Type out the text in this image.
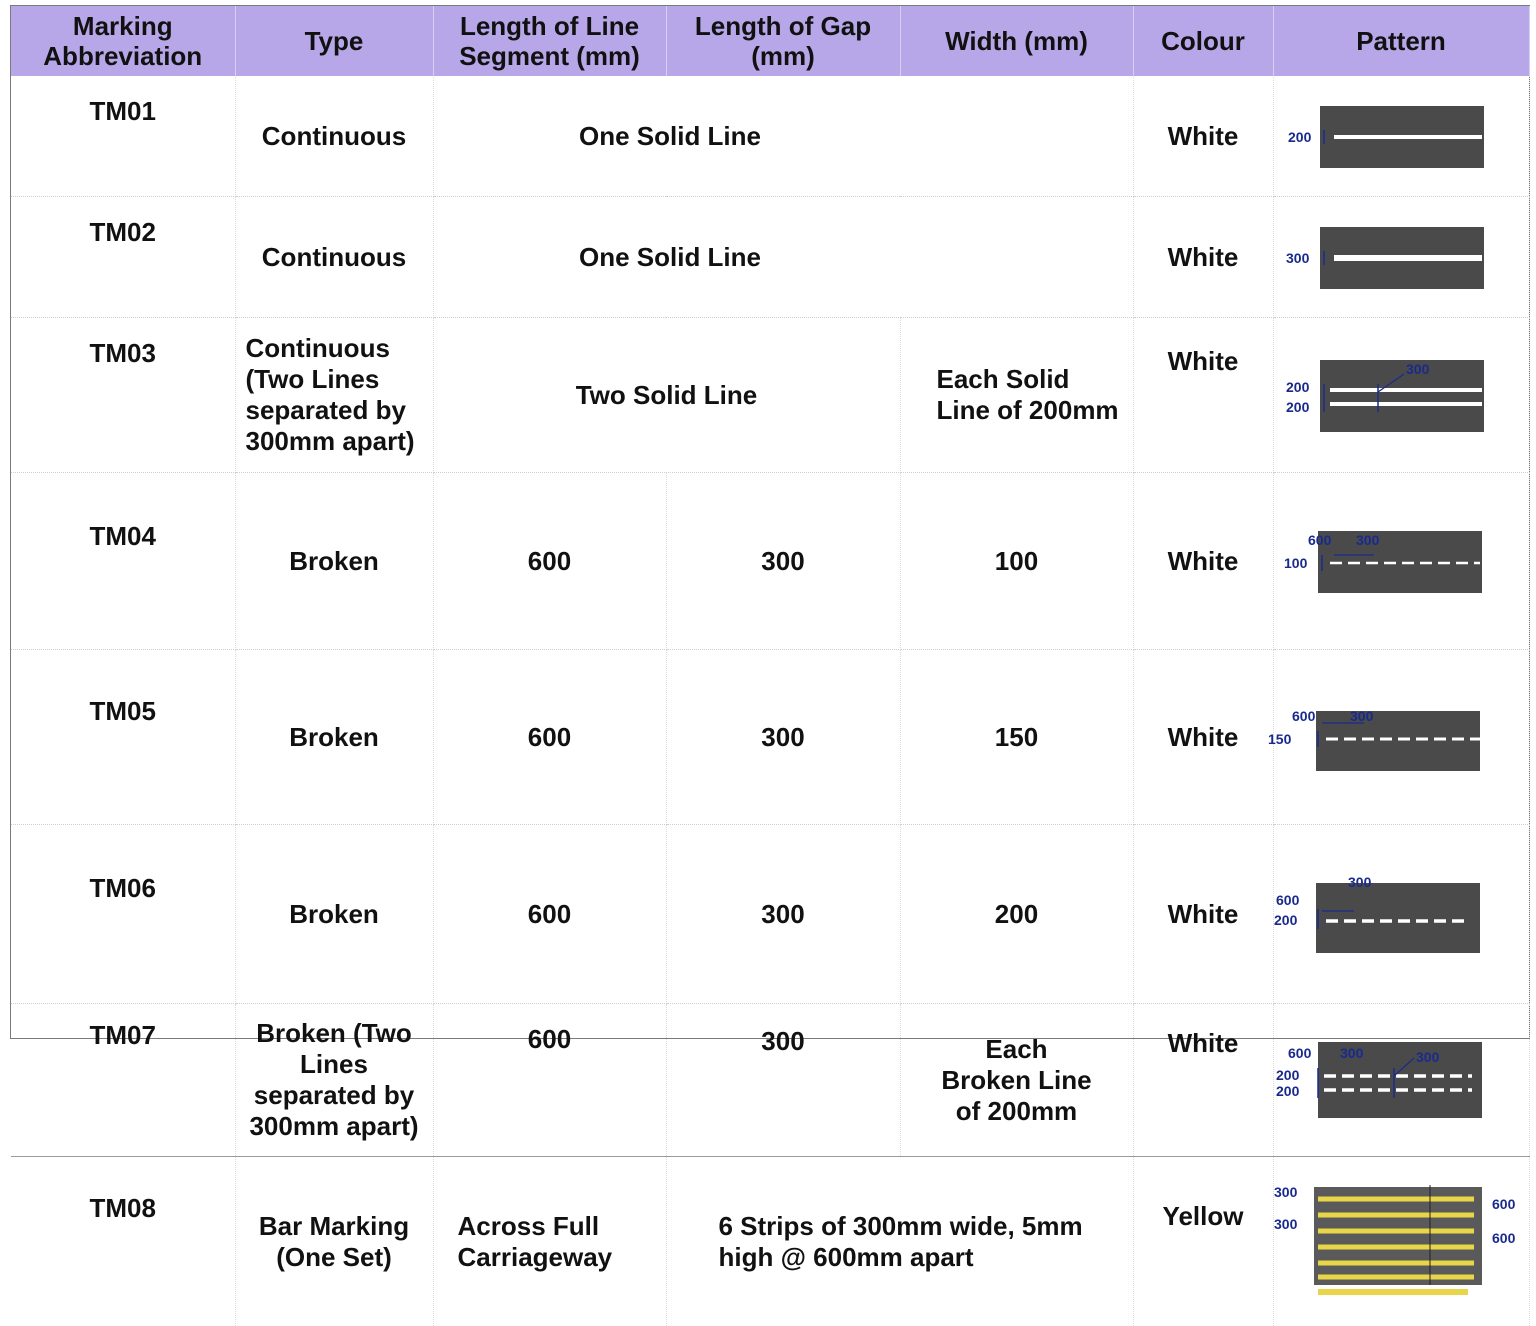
Marking Abbreviation	Type	Length of Line Segment (mm)	Length of Gap (mm)	Width (mm)	Colour	Pattern
TM01	Continuous	One Solid Line			White	200

TM02	Continuous	One Solid Line			White	300

TM03	Continuous (Two Lines separated by 300mm apart)	Two Solid Line		Each Solid Line of 200mm	White	200
200
300

TM04	Broken	600	300	100	White	600 300
100

TM05	Broken	600	300	150	White	600 300
150

TM06	Broken	600	300	200	White	300
600
200

TM07	Broken (Two Lines separated by 300mm apart)	600	300	Each Broken Line of 200mm	White	600 300 300
200
200

TM08	Bar Marking (One Set)	Across Full Carriageway	6 Strips of 300mm wide, 5mm high @ 600mm apart		Yellow	300
300
600
600
